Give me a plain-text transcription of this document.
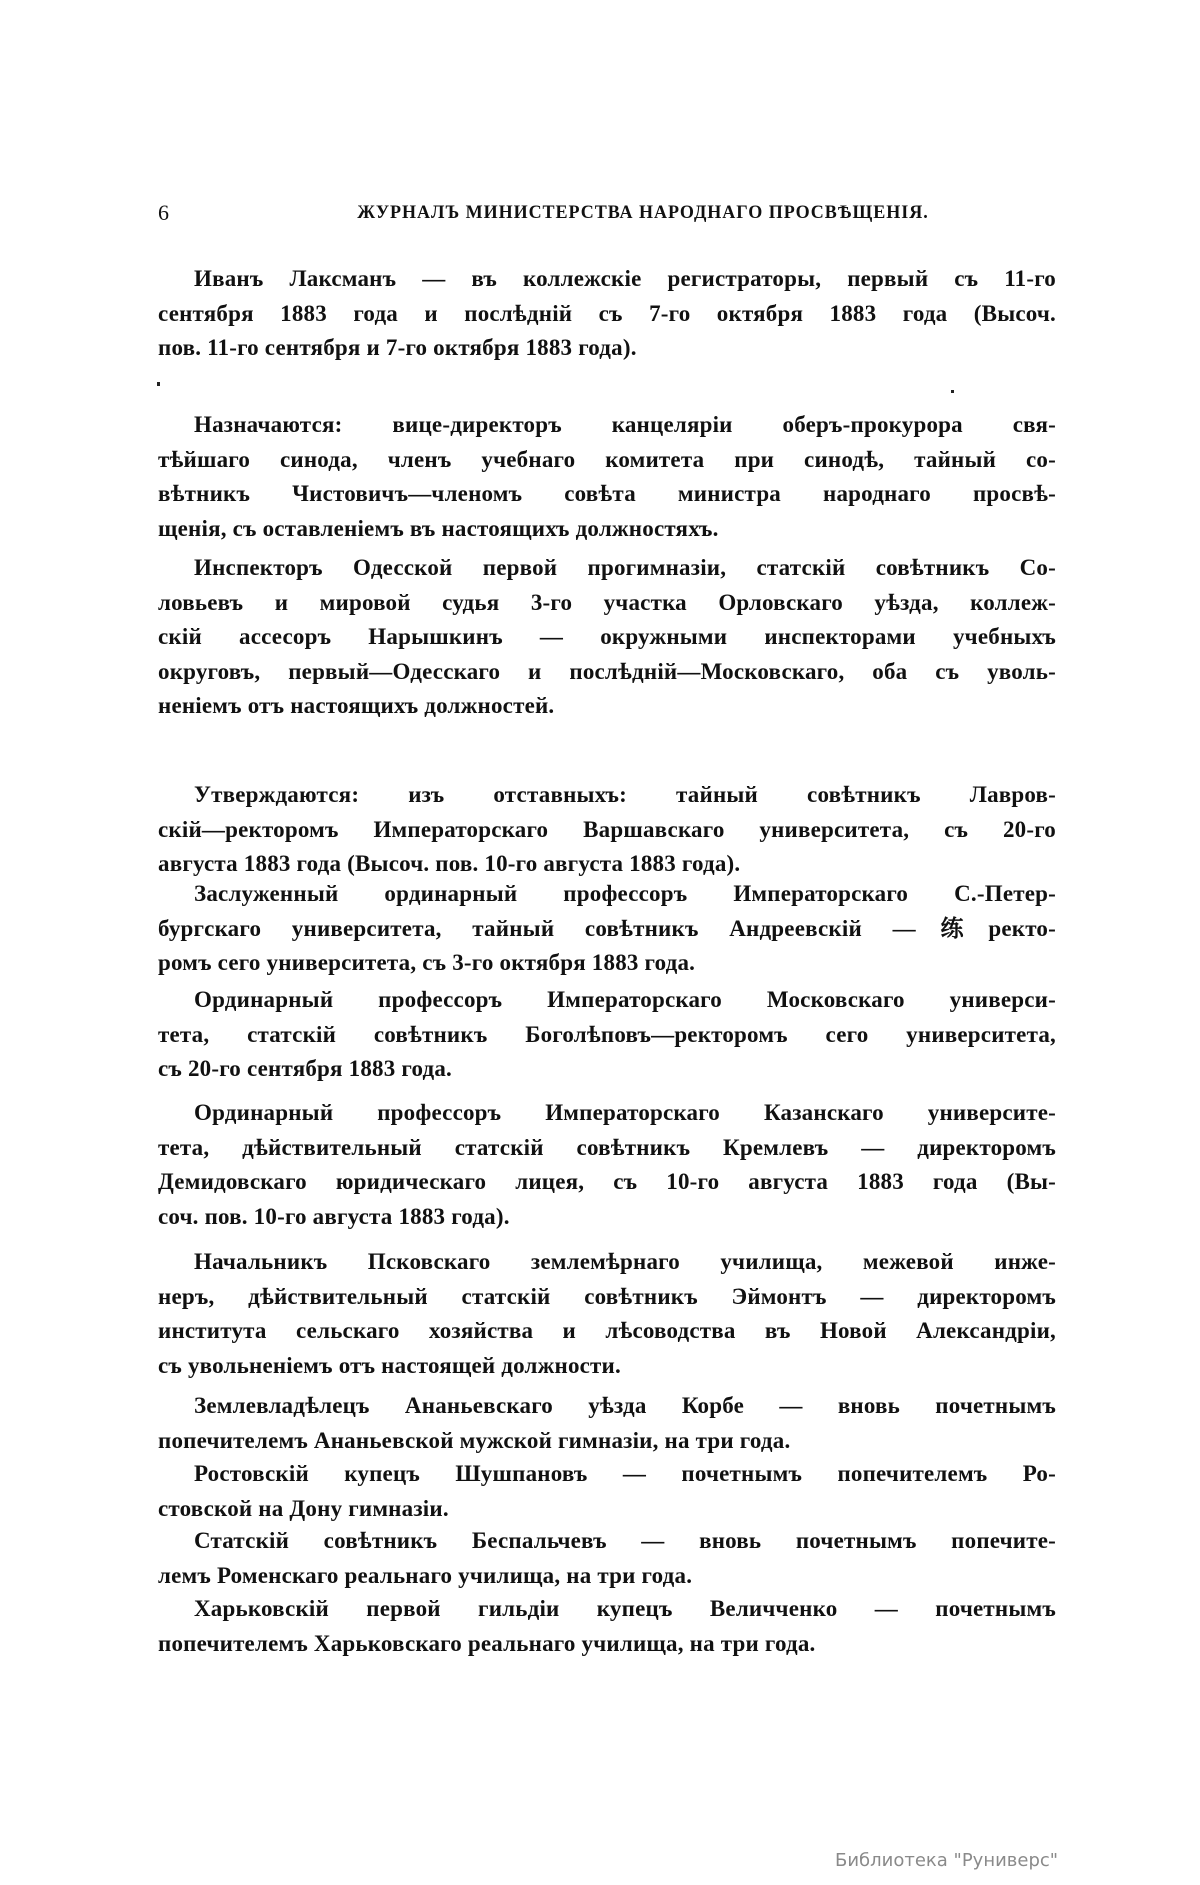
6	ЖУРНАЛЪ МИНИСТЕРСТВА НАРОДНАГО ПРОСВѢЩЕНІЯ.
Иванъ Лаксманъ — въ коллежскіе регистраторы, первый съ 11-го
сентября 1883 года и послѣдній съ 7-го октября 1883 года (Высоч.
пов. 11-го сентября и 7-го октября 1883 года).
Назначаются: вице-директоръ канцеляріи оберъ-прокурора свя-
тѣйшаго синода, членъ учебнаго комитета при синодѣ, тайный со-
вѣтникъ Чистовичъ—членомъ совѣта министра народнаго просвѣ-
щенія, съ оставленіемъ въ настоящихъ должностяхъ.
Инспекторъ Одесской первой прогимназіи, статскій совѣтникъ Со-
ловьевъ и мировой судья 3-го участка Орловскаго уѣзда, коллеж-
скій ассесоръ Нарышкинъ — окружными инспекторами учебныхъ
округовъ, первый—Одесскаго и послѣдній—Московскаго, оба съ уволь-
неніемъ отъ настоящихъ должностей.
Утверждаются: изъ отставныхъ: тайный совѣтникъ Лавров-
скій—ректоромъ Императорскаго Варшавскаго университета, съ 20-го
августа 1883 года (Высоч. пов. 10-го августа 1883 года).
Заслуженный ординарный профессоръ Императорскаго С.-Петер-
бургскаго университета, тайный совѣтникъ Андреевскій —练ректо-
ромъ сего университета, съ 3-го октября 1883 года.
Ординарный профессоръ Императорскаго Московскаго универси-
тета, статскій совѣтникъ Боголѣповъ—ректоромъ сего университета,
съ 20-го сентября 1883 года.
Ординарный профессоръ Императорскаго Казанскаго университе-
тета, дѣйствительный статскій совѣтникъ Кремлевъ — директоромъ
Демидовскаго юридическаго лицея, съ 10-го августа 1883 года (Вы-
соч. пов. 10-го августа 1883 года).
Начальникъ Псковскаго землемѣрнаго училища, межевой инже-
неръ, дѣйствительный статскій совѣтникъ Эймонтъ — директоромъ
института сельскаго хозяйства и лѣсоводства въ Новой Александріи,
съ увольненіемъ отъ настоящей должности.
Землевладѣлецъ Ананьевскаго уѣзда Корбе — вновь почетнымъ
попечителемъ Ананьевской мужской гимназіи, на три года.
Ростовскій купецъ Шушпановъ — почетнымъ попечителемъ Ро-
стовской на Дону гимназіи.
Статскій совѣтникъ Беспальчевъ — вновь почетнымъ попечите-
лемъ Роменскаго реальнаго училища, на три года.
Харьковскій первой гильдіи купецъ Величченко — почетнымъ
попечителемъ Харьковскаго реальнаго училища, на три года.
Библиотека "Руниверс"
